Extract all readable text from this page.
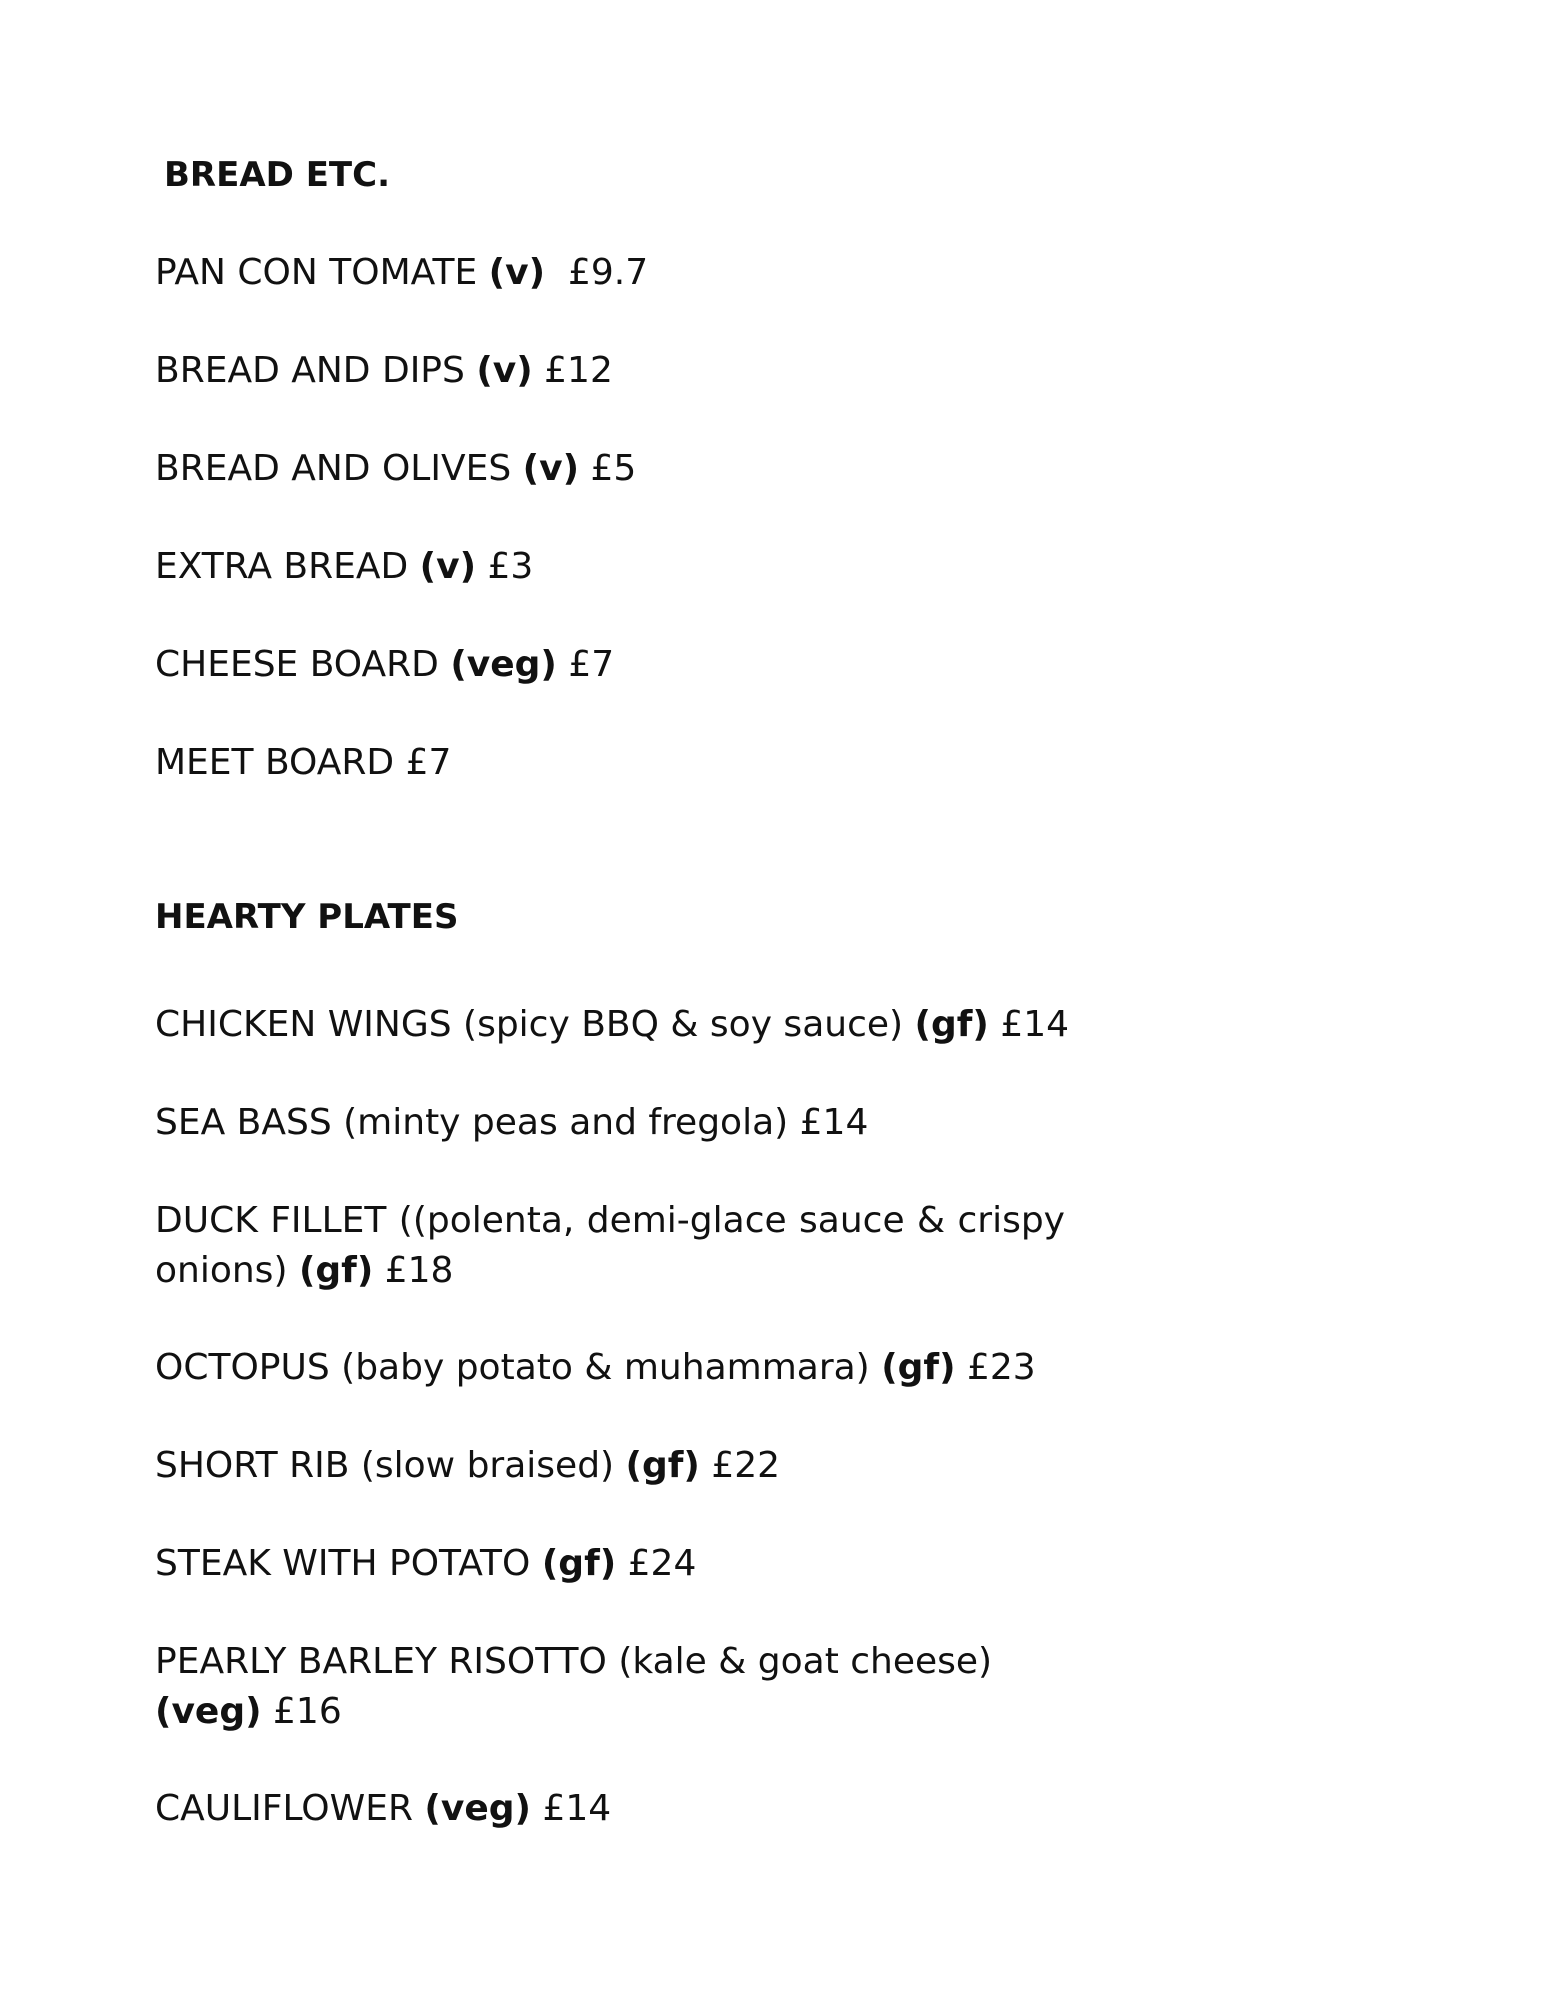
BREAD ETC.
PAN CON TOMATE (v) £9.7
BREAD AND DIPS (v) £12
BREAD AND OLIVES (v) £5
EXTRA BREAD (v) £3
CHEESE BOARD (veg) £7
MEET BOARD £7
HEARTY PLATES
CHICKEN WINGS (spicy BBQ & soy sauce) (gf) £14
SEA BASS (minty peas and fregola) £14
DUCK FILLET ((polenta, demi-glace sauce & crispy onions) (gf) £18
OCTOPUS (baby potato & muhammara) (gf) £23
SHORT RIB (slow braised) (gf) £22
STEAK WITH POTATO (gf) £24
PEARLY BARLEY RISOTTO (kale & goat cheese)
(veg) £16
CAULIFLOWER (veg) £14
